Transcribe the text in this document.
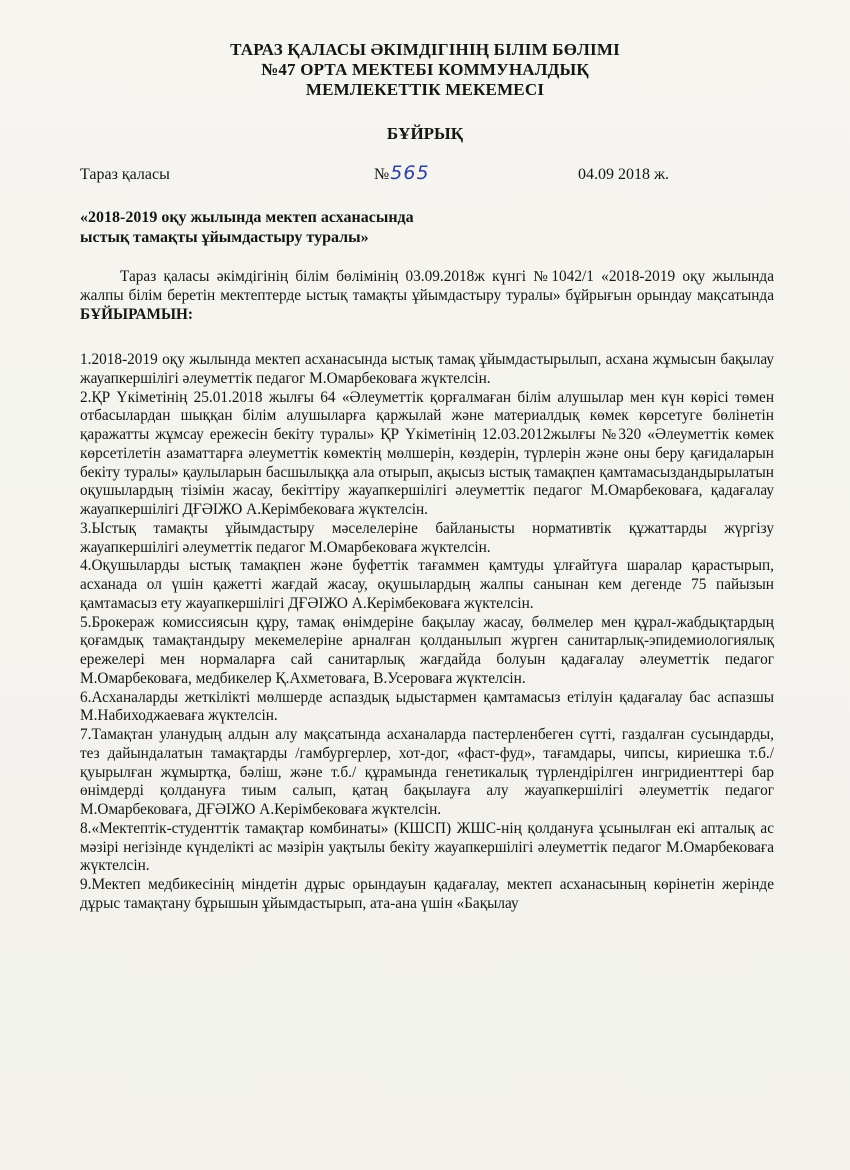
ТАРАЗ ҚАЛАСЫ ӘКІМДІГІНІҢ БІЛІМ БӨЛІМІ
№47 ОРТА МЕКТЕБІ КОММУНАЛДЫҚ
МЕМЛЕКЕТТІК МЕКЕМЕСІ
БҰЙРЫҚ
Тараз қаласы	№565	04.09 2018 ж.
«2018-2019 оқу жылында мектеп асханасында
ыстық тамақты ұйымдастыру туралы»
Тараз қаласы әкімдігінің білім бөлімінің 03.09.2018ж күнгі №1042/1 «2018-2019 оқу жылында жалпы білім беретін мектептерде ыстық тамақты ұйымдастыру туралы» бұйрығын орындау мақсатында БҰЙЫРАМЫН:

1.2018-2019 оқу жылында мектеп асханасында ыстық тамақ ұйымдастырылып, асхана жұмысын бақылау жауапкершілігі әлеуметтік педагог М.Омарбековаға жүктелсін.

2.ҚР Үкіметінің 25.01.2018 жылғы 64 «Әлеуметтік қорғалмаған білім алушылар мен күн көрісі төмен отбасылардан шыққан білім алушыларға қаржылай және материалдық көмек көрсетуге бөлінетін қаражатты жұмсау ережесін бекіту туралы» ҚР Үкіметінің 12.03.2012жылғы №320 «Әлеуметтік көмек көрсетілетін азаматтарға әлеуметтік көмектің мөлшерін, көздерін, түрлерін және оны беру қағидаларын бекіту туралы» қаулыларын басшылыққа ала отырып, ақысыз ыстық тамақпен қамтамасыздандырылатын оқушылардың тізімін жасау, бекіттіру жауапкершілігі әлеуметтік педагог М.Омарбековаға, қадағалау жауапкершілігі ДҒӘІЖО А.Керімбековаға жүктелсін.

3.Ыстық тамақты ұйымдастыру мәселелеріне байланысты нормативтік құжаттарды жүргізу жауапкершілігі әлеуметтік педагог М.Омарбековаға жүктелсін.

4.Оқушыларды ыстық тамақпен және буфеттік тағаммен қамтуды ұлғайтуға шаралар қарастырып, асханада ол үшін қажетті жағдай жасау, оқушылардың жалпы санынан кем дегенде 75 пайызын қамтамасыз ету жауапкершілігі ДҒӘІЖО А.Керімбековаға жүктелсін.

5.Брокераж комиссиясын құру, тамақ өнімдеріне бақылау жасау, бөлмелер мен құрал-жабдықтардың қоғамдық тамақтандыру мекемелеріне арналған қолданылып жүрген санитарлық-эпидемиологиялық ережелері мен нормаларға сай санитарлық жағдайда болуын қадағалау әлеуметтік педагог М.Омарбековаға, медбикелер Қ.Ахметоваға, В.Усероваға жүктелсін.

6.Асханаларды жеткілікті мөлшерде аспаздық ыдыстармен қамтамасыз етілуін қадағалау бас аспазшы М.Набиходжаеваға жүктелсін.

7.Тамақтан уланудың алдын алу мақсатында асханаларда пастерленбеген сүтті, газдалған сусындарды, тез дайындалатын тамақтарды /гамбургерлер, хот-дог, «фаст-фуд», тағамдары, чипсы, кириешка т.б./ қуырылған жұмыртқа, бәліш, және т.б./ құрамында генетикалық түрлендірілген ингридиенттері бар өнімдерді қолдануға тиым салып, қатаң бақылауға алу жауапкершілігі әлеуметтік педагог М.Омарбековаға, ДҒӘІЖО А.Керімбековаға жүктелсін.

8.«Мектептік-студенттік тамақтар комбинаты» (КШСП) ЖШС-нің қолдануға ұсынылған екі апталық ас мәзірі негізінде күнделікті ас мәзірін уақтылы бекіту жауапкершілігі әлеуметтік педагог М.Омарбековаға жүктелсін.

9.Мектеп медбикесінің міндетін дұрыс орындауын қадағалау, мектеп асханасының көрінетін жерінде дұрыс тамақтану бұрышын ұйымдастырып, ата-ана үшін «Бақылау
